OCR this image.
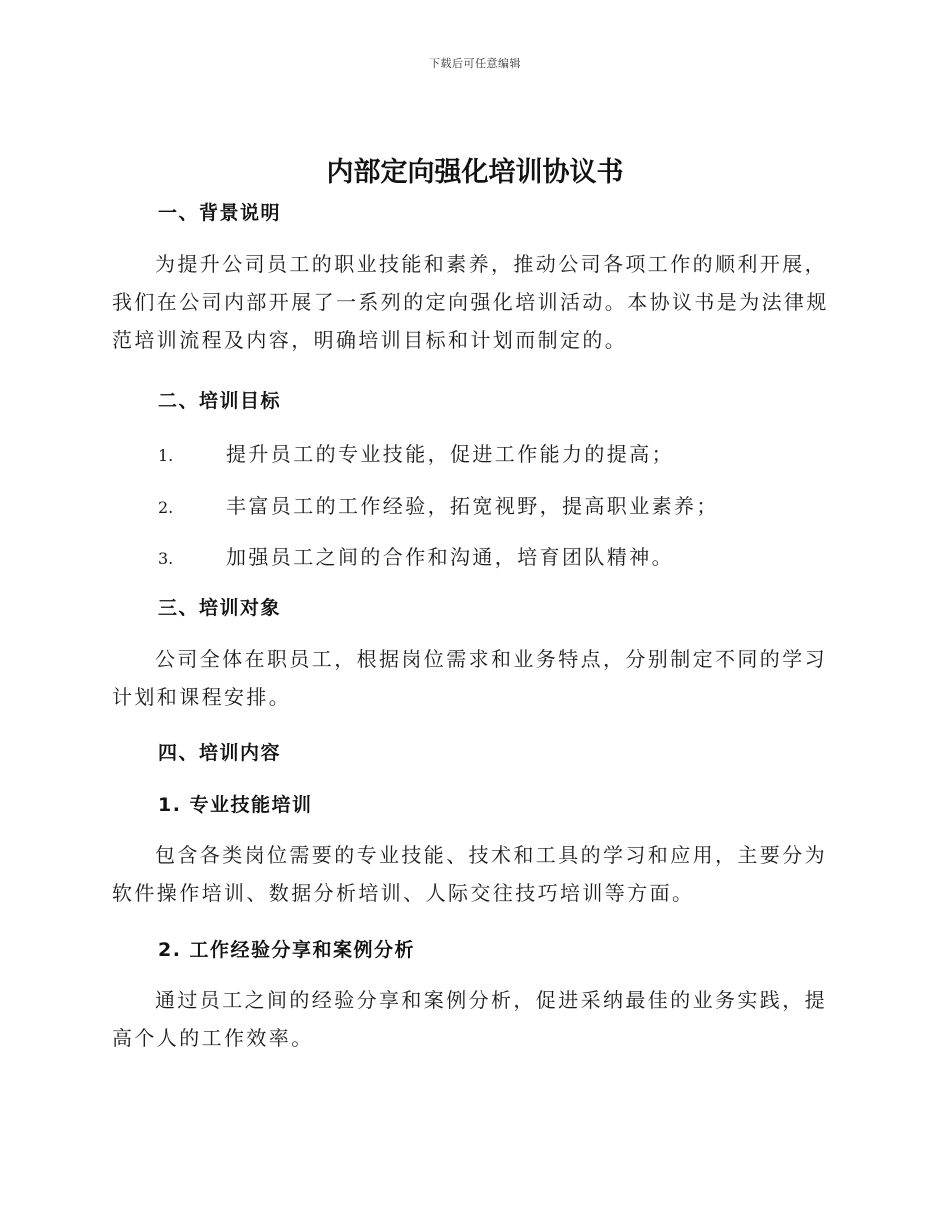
下载后可任意编辑
内部定向强化培训协议书
一、背景说明

为提升公司员工的职业技能和素养，推动公司各项工作的顺利开展，我们在公司内部开展了一系列的定向强化培训活动。本协议书是为法律规范培训流程及内容，明确培训目标和计划而制定的。

二、培训目标
1.	提升员工的专业技能，促进工作能力的提高；
2.	丰富员工的工作经验，拓宽视野，提高职业素养；
3.	加强员工之间的合作和沟通，培育团队精神。
三、培训对象

公司全体在职员工，根据岗位需求和业务特点，分别制定不同的学习计划和课程安排。

四、培训内容
1. 专业技能培训

包含各类岗位需要的专业技能、技术和工具的学习和应用，主要分为软件操作培训、数据分析培训、人际交往技巧培训等方面。

2. 工作经验分享和案例分析

通过员工之间的经验分享和案例分析，促进采纳最佳的业务实践，提高个人的工作效率。
